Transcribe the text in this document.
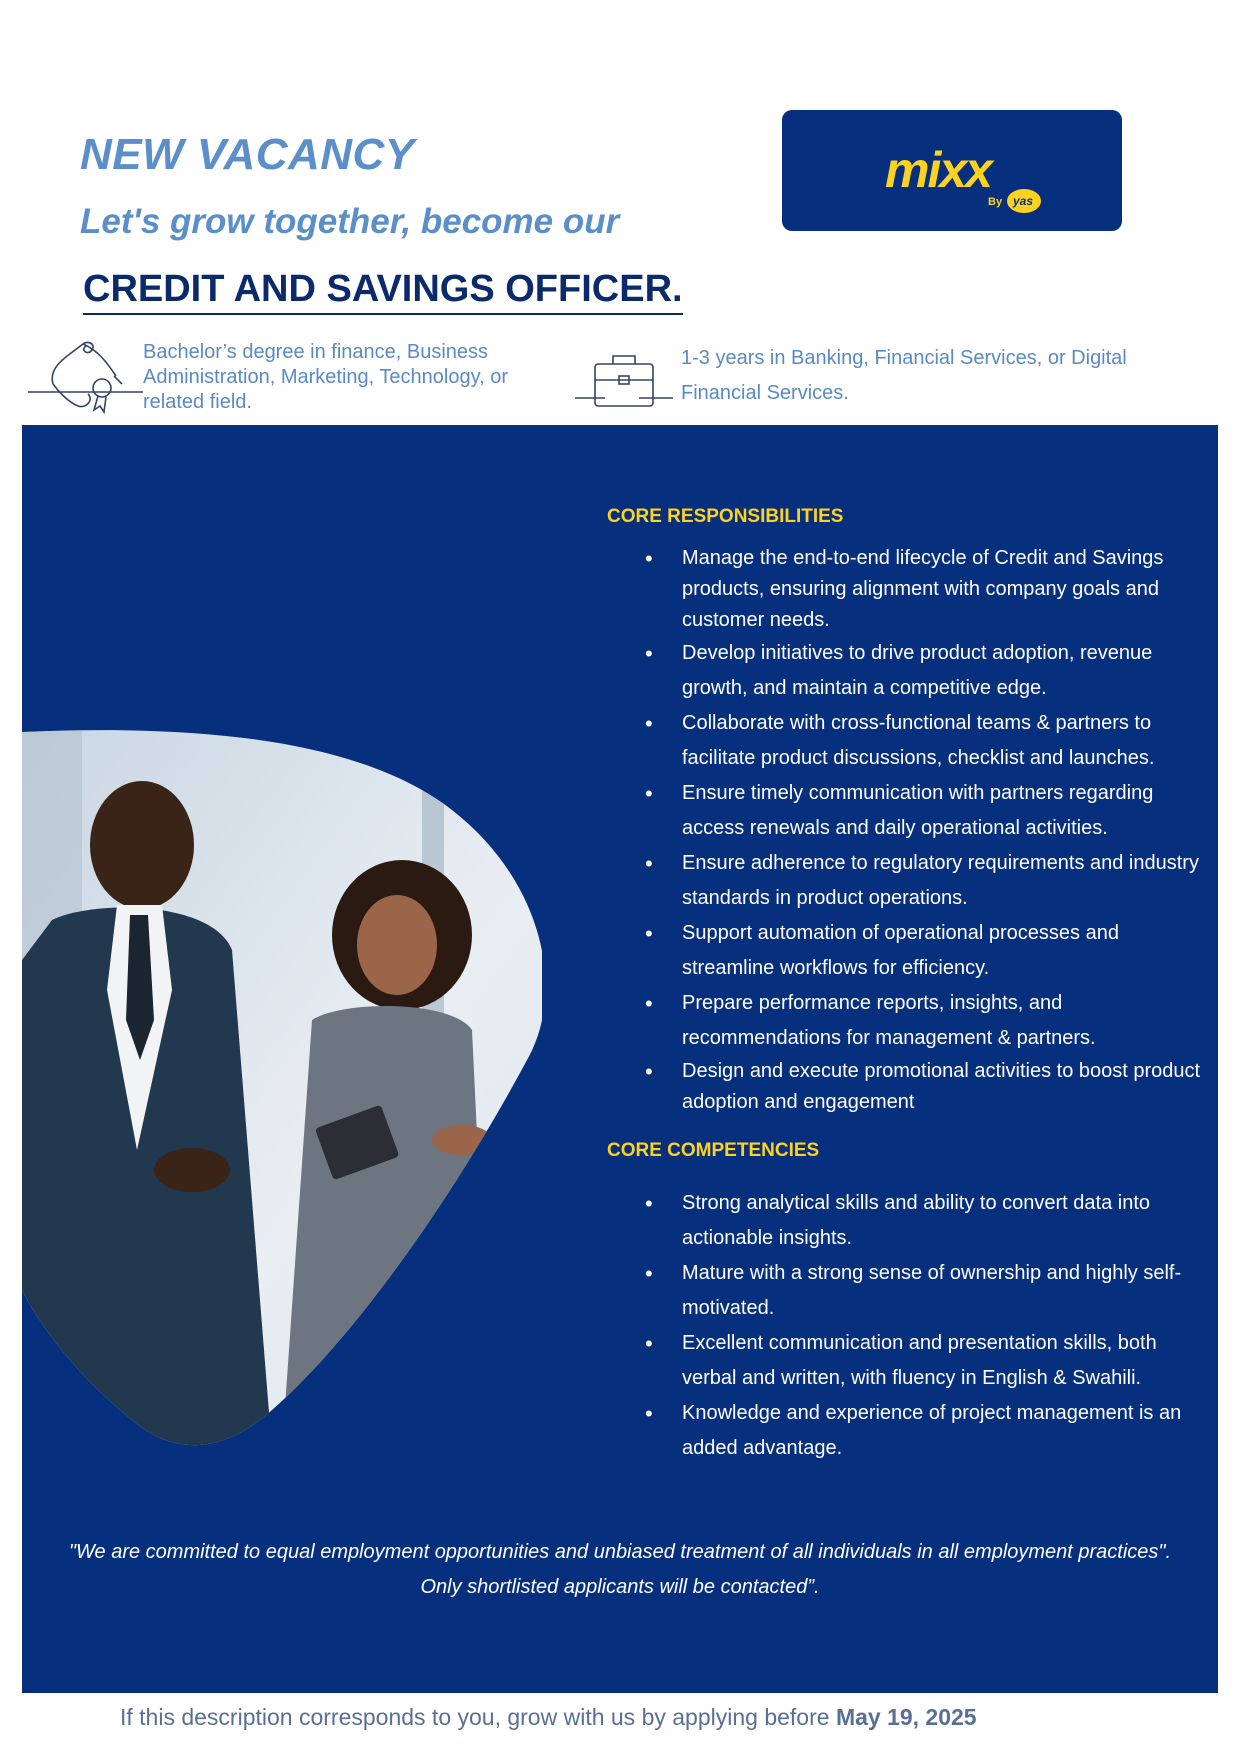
NEW VACANCY
Let's grow together, become our
CREDIT AND SAVINGS OFFICER.
mixx
By yas
Bachelor’s degree in finance, Business Administration, Marketing, Technology, or related field.
1-3 years in Banking, Financial Services, or Digital Financial Services.
CORE RESPONSIBILITIES
• Manage the end-to-end lifecycle of Credit and Savings products, ensuring alignment with company goals and customer needs.
• Develop initiatives to drive product adoption, revenue growth, and maintain a competitive edge.
• Collaborate with cross-functional teams & partners to facilitate product discussions, checklist and launches.
• Ensure timely communication with partners regarding access renewals and daily operational activities.
• Ensure adherence to regulatory requirements and industry standards in product operations.
• Support automation of operational processes and streamline workflows for efficiency.
• Prepare performance reports, insights, and recommendations for management & partners.
• Design and execute promotional activities to boost product adoption and engagement
CORE COMPETENCIES
• Strong analytical skills and ability to convert data into actionable insights.
• Mature with a strong sense of ownership and highly self-motivated.
• Excellent communication and presentation skills, both verbal and written, with fluency in English & Swahili.
• Knowledge and experience of project management is an added advantage.
"We are committed to equal employment opportunities and unbiased treatment of all individuals in all employment practices". Only shortlisted applicants will be contacted”.
If this description corresponds to you, grow with us by applying before May 19, 2025
